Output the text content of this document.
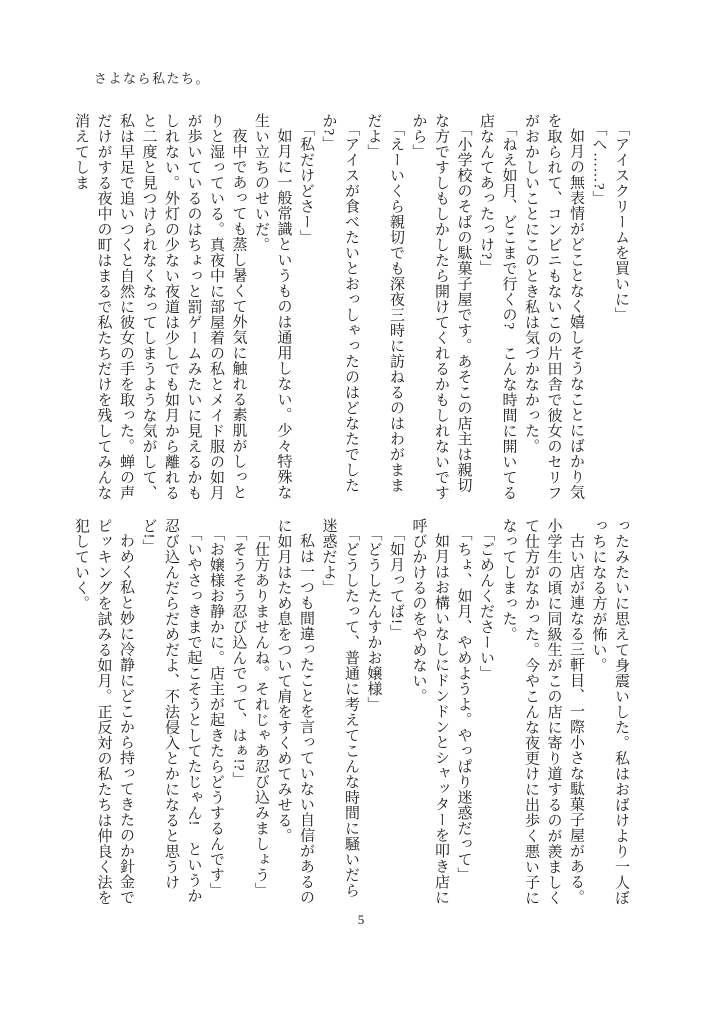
さよなら私たち。

「アイスクリームを買いに」

「へ……?」

如月の無表情がどことなく嬉しそうなことにばかり気を取られて、コンビニもないこの片田舎で彼女のセリフがおかしいことにこのとき私は気づかなかった。

「ねえ如月、どこまで行くの?　こんな時間に開いてる店なんてあったっけ?」

「小学校のそばの駄菓子屋です。あそこの店主は親切な方ですしもしかしたら開けてくれるかもしれないですから」

「えーいくら親切でも深夜三時に訪ねるのはわがままだよ」

「アイスが食べたいとおっしゃったのはどなたでしたか?」

「私だけどさー」

如月に一般常識というものは通用しない。少々特殊な生い立ちのせいだ。

夜中であっても蒸し暑くて外気に触れる素肌がしっとりと湿っている。真夜中に部屋着の私とメイド服の如月が歩いているのはちょっと罰ゲームみたいに見えるかもしれない。外灯の少ない夜道は少しでも如月から離れると二度と見つけられなくなってしまうような気がして、私は早足で追いつくと自然に彼女の手を取った。蝉の声だけがする夜中の町はまるで私たちだけを残してみんな消えてしま

ったみたいに思えて身震いした。私はおばけより一人ぼっちになる方が怖い。

古い店が連なる三軒目、一際小さな駄菓子屋がある。小学生の頃に同級生がこの店に寄り道するのが羨ましくて仕方がなかった。今やこんな夜更けに出歩く悪い子になってしまった。

「ごめんくださーい」

「ちょ、如月、やめようよ。やっぱり迷惑だって」

如月はお構いなしにドンドンとシャッターを叩き店に呼びかけるのをやめない。

「如月ってば!」

「どうしたんすかお嬢様」

「どうしたって、普通に考えてこんな時間に騒いだら迷惑だよ」

私は一つも間違ったことを言っていない自信があるのに如月はため息をついて肩をすくめてみせる。

「仕方ありませんね。それじゃあ忍び込みましょう」

「そうそう忍び込んでって、はぁ!?」

「お嬢様お静かに。店主が起きたらどうするんです」

「いやさっきまで起こそうとしてたじゃん!　というか忍び込んだらだめだよ、不法侵入とかになると思うけど!」

わめく私と妙に冷静にどこから持ってきたのか針金でピッキングを試みる如月。正反対の私たちは仲良く法を犯していく。

5
